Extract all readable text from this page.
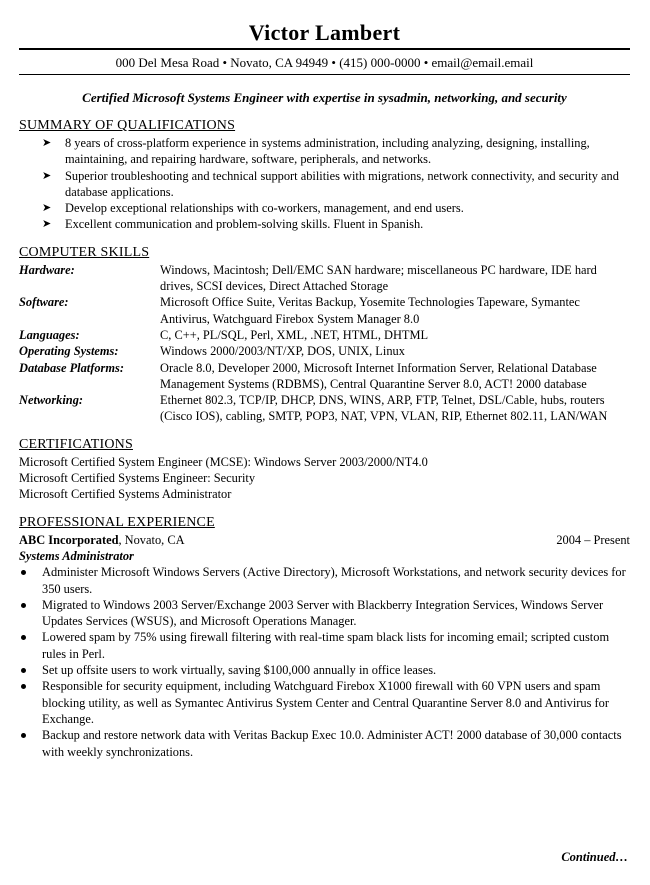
Victor Lambert
000 Del Mesa Road • Novato, CA 94949 • (415) 000-0000 • email@email.email
Certified Microsoft Systems Engineer with expertise in sysadmin, networking, and security
SUMMARY OF QUALIFICATIONS
➤ 8 years of cross-platform experience in systems administration, including analyzing, designing, installing, maintaining, and repairing hardware, software, peripherals, and networks.
➤ Superior troubleshooting and technical support abilities with migrations, network connectivity, and security and database applications.
➤ Develop exceptional relationships with co-workers, management, and end users.
➤ Excellent communication and problem-solving skills. Fluent in Spanish.
COMPUTER SKILLS
Hardware:	Windows, Macintosh; Dell/EMC SAN hardware; miscellaneous PC hardware, IDE hard drives, SCSI devices, Direct Attached Storage
Software:	Microsoft Office Suite, Veritas Backup, Yosemite Technologies Tapeware, Symantec Antivirus, Watchguard Firebox System Manager 8.0
Languages:	C, C++, PL/SQL, Perl, XML, .NET, HTML, DHTML
Operating Systems:	Windows 2000/2003/NT/XP, DOS, UNIX, Linux
Database Platforms:	Oracle 8.0, Developer 2000, Microsoft Internet Information Server, Relational Database Management Systems (RDBMS), Central Quarantine Server 8.0, ACT! 2000 database
Networking:	Ethernet 802.3, TCP/IP, DHCP, DNS, WINS, ARP, FTP, Telnet, DSL/Cable, hubs, routers (Cisco IOS), cabling, SMTP, POP3, NAT, VPN, VLAN, RIP, Ethernet 802.11, LAN/WAN
CERTIFICATIONS
Microsoft Certified System Engineer (MCSE): Windows Server 2003/2000/NT4.0
Microsoft Certified Systems Engineer: Security
Microsoft Certified Systems Administrator
PROFESSIONAL EXPERIENCE
ABC Incorporated, Novato, CA	2004 – Present
Systems Administrator
Administer Microsoft Windows Servers (Active Directory), Microsoft Workstations, and network security devices for 350 users.
Migrated to Windows 2003 Server/Exchange 2003 Server with Blackberry Integration Services, Windows Server Updates Services (WSUS), and Microsoft Operations Manager.
Lowered spam by 75% using firewall filtering with real-time spam black lists for incoming email; scripted custom rules in Perl.
Set up offsite users to work virtually, saving $100,000 annually in office leases.
Responsible for security equipment, including Watchguard Firebox X1000 firewall with 60 VPN users and spam blocking utility, as well as Symantec Antivirus System Center and Central Quarantine Server 8.0 and Antivirus for Exchange.
Backup and restore network data with Veritas Backup Exec 10.0. Administer ACT! 2000 database of 30,000 contacts with weekly synchronizations.
Continued…
